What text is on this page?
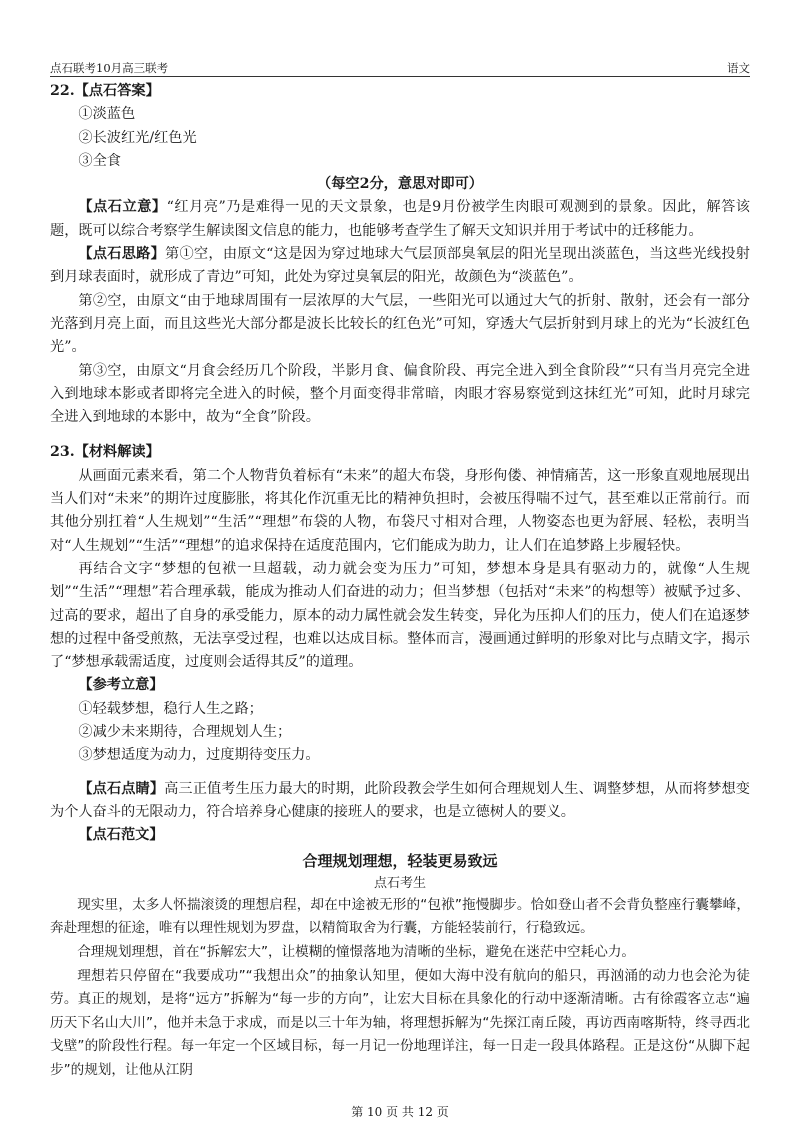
点石联考10月高三联考	语文

22.【点石答案】

①淡蓝色

②长波红光/红色光

③全食

（每空2分，意思对即可）

【点石立意】“红月亮”乃是难得一见的天文景象，也是9月份被学生肉眼可观测到的景象。因此，解答该题，既可以综合考察学生解读图文信息的能力，也能够考查学生了解天文知识并用于考试中的迁移能力。

【点石思路】第①空，由原文“这是因为穿过地球大气层顶部臭氧层的阳光呈现出淡蓝色，当这些光线投射到月球表面时，就形成了青边”可知，此处为穿过臭氧层的阳光，故颜色为“淡蓝色”。

第②空，由原文“由于地球周围有一层浓厚的大气层，一些阳光可以通过大气的折射、散射，还会有一部分光落到月亮上面，而且这些光大部分都是波长比较长的红色光”可知，穿透大气层折射到月球上的光为“长波红色光”。

第③空，由原文“月食会经历几个阶段，半影月食、偏食阶段、再完全进入到全食阶段”“只有当月亮完全进入到地球本影或者即将完全进入的时候，整个月面变得非常暗，肉眼才容易察觉到这抹红光”可知，此时月球完全进入到地球的本影中，故为“全食”阶段。

23.【材料解读】

从画面元素来看，第二个人物背负着标有“未来”的超大布袋，身形佝偻、神情痛苦，这一形象直观地展现出当人们对“未来”的期许过度膨胀，将其化作沉重无比的精神负担时，会被压得喘不过气，甚至难以正常前行。而其他分别扛着“人生规划”“生活”“理想”布袋的人物，布袋尺寸相对合理，人物姿态也更为舒展、轻松，表明当对“人生规划”“生活”“理想”的追求保持在适度范围内，它们能成为助力，让人们在追梦路上步履轻快。

再结合文字“梦想的包袱一旦超载，动力就会变为压力”可知，梦想本身是具有驱动力的，就像“人生规划”“生活”“理想”若合理承载，能成为推动人们奋进的动力；但当梦想（包括对“未来”的构想等）被赋予过多、过高的要求，超出了自身的承受能力，原本的动力属性就会发生转变，异化为压抑人们的压力，使人们在追逐梦想的过程中备受煎熬，无法享受过程，也难以达成目标。整体而言，漫画通过鲜明的形象对比与点睛文字，揭示了“梦想承载需适度，过度则会适得其反”的道理。

【参考立意】

①轻载梦想，稳行人生之路；

②减少未来期待，合理规划人生；

③梦想适度为动力，过度期待变压力。

【点石点睛】高三正值考生压力最大的时期，此阶段教会学生如何合理规划人生、调整梦想，从而将梦想变为个人奋斗的无限动力，符合培养身心健康的接班人的要求，也是立德树人的要义。

【点石范文】

合理规划理想，轻装更易致远

点石考生

现实里，太多人怀揣滚烫的理想启程，却在中途被无形的“包袱”拖慢脚步。恰如登山者不会背负整座行囊攀峰，奔赴理想的征途，唯有以理性规划为罗盘，以精简取舍为行囊，方能轻装前行，行稳致远。

合理规划理想，首在“拆解宏大”，让模糊的憧憬落地为清晰的坐标，避免在迷茫中空耗心力。

理想若只停留在“我要成功”“我想出众”的抽象认知里，便如大海中没有航向的船只，再汹涌的动力也会沦为徒劳。真正的规划，是将“远方”拆解为“每一步的方向”，让宏大目标在具象化的行动中逐渐清晰。古有徐霞客立志“遍历天下名山大川”，他并未急于求成，而是以三十年为轴，将理想拆解为“先探江南丘陵，再访西南喀斯特，终寻西北戈壁”的阶段性行程。每一年定一个区域目标，每一月记一份地理详注，每一日走一段具体路程。正是这份“从脚下起步”的规划，让他从江阴

第 10 页 共 12 页
